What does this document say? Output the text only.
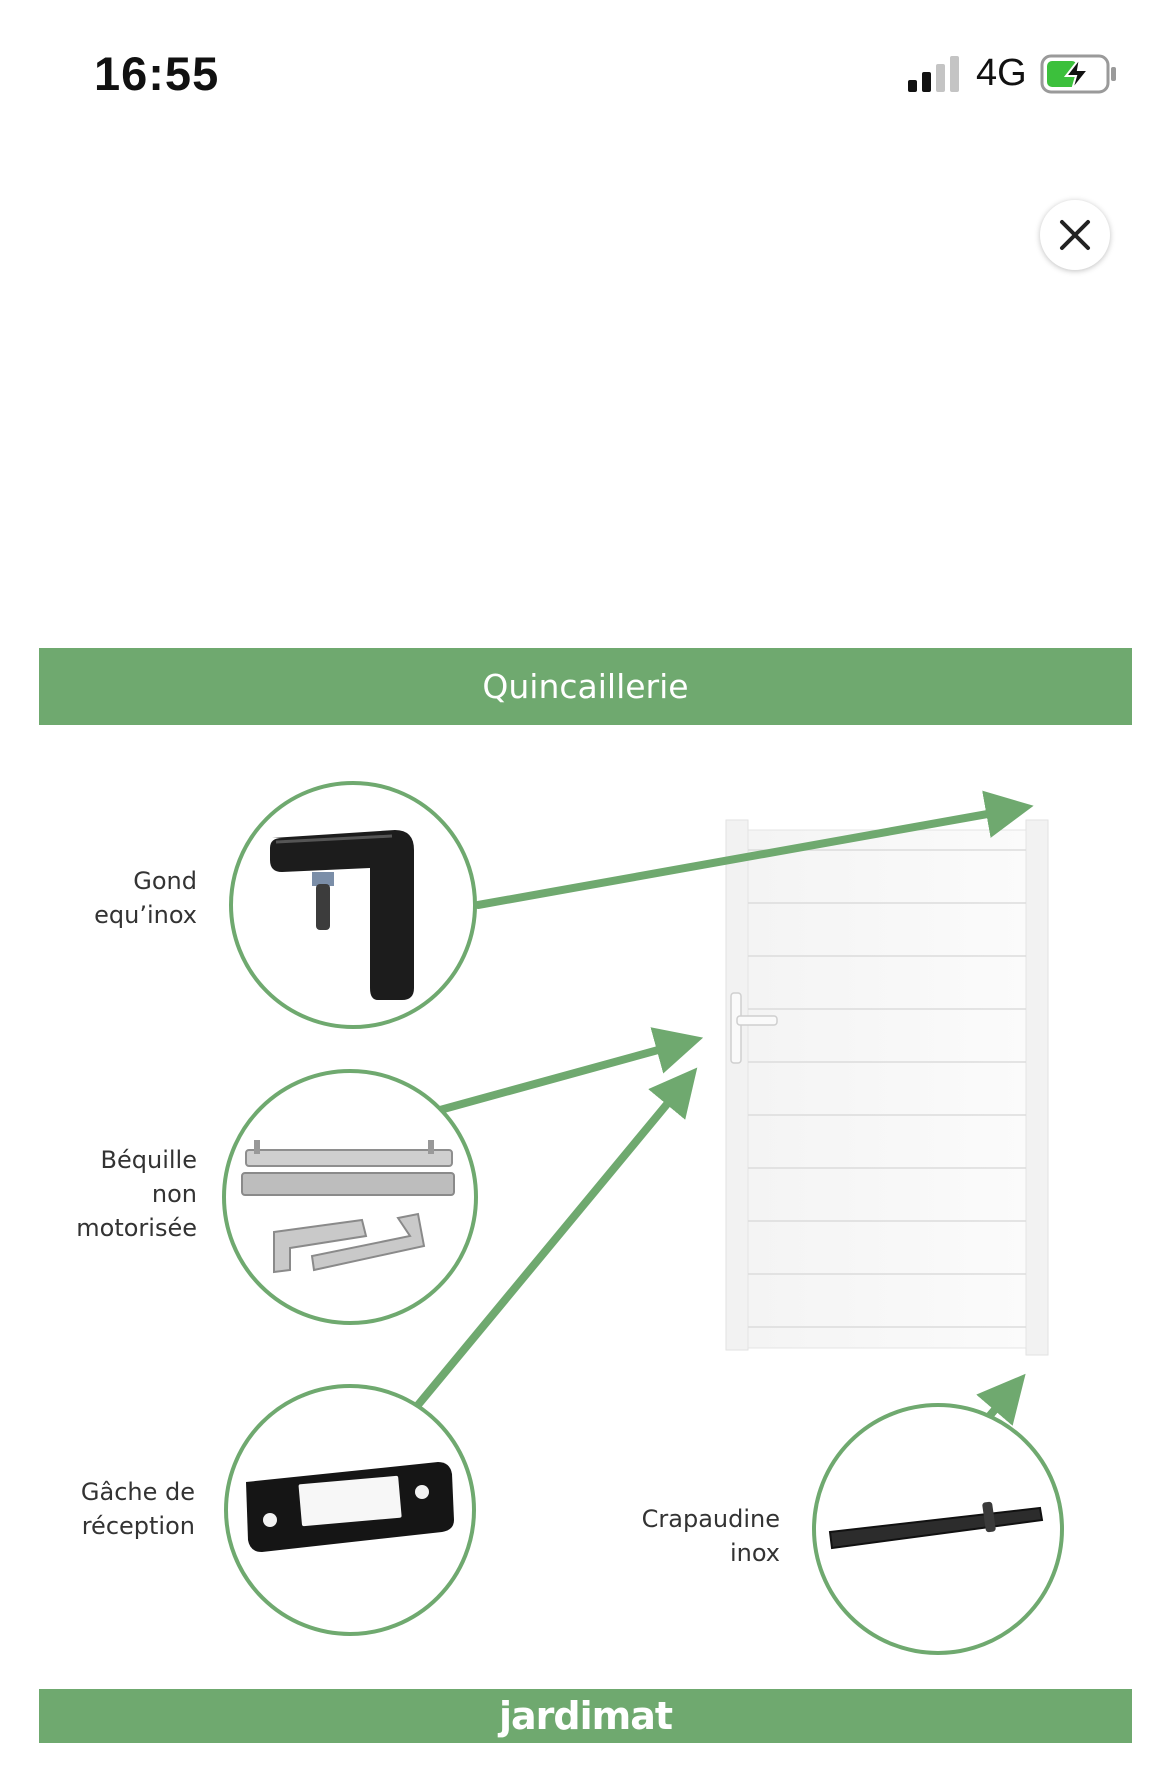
16:55	4G
Quincaillerie
Gond
equ’inox
Béquille
non
motorisée
Gâche de
réception	Crapaudine
inox
jardimat
